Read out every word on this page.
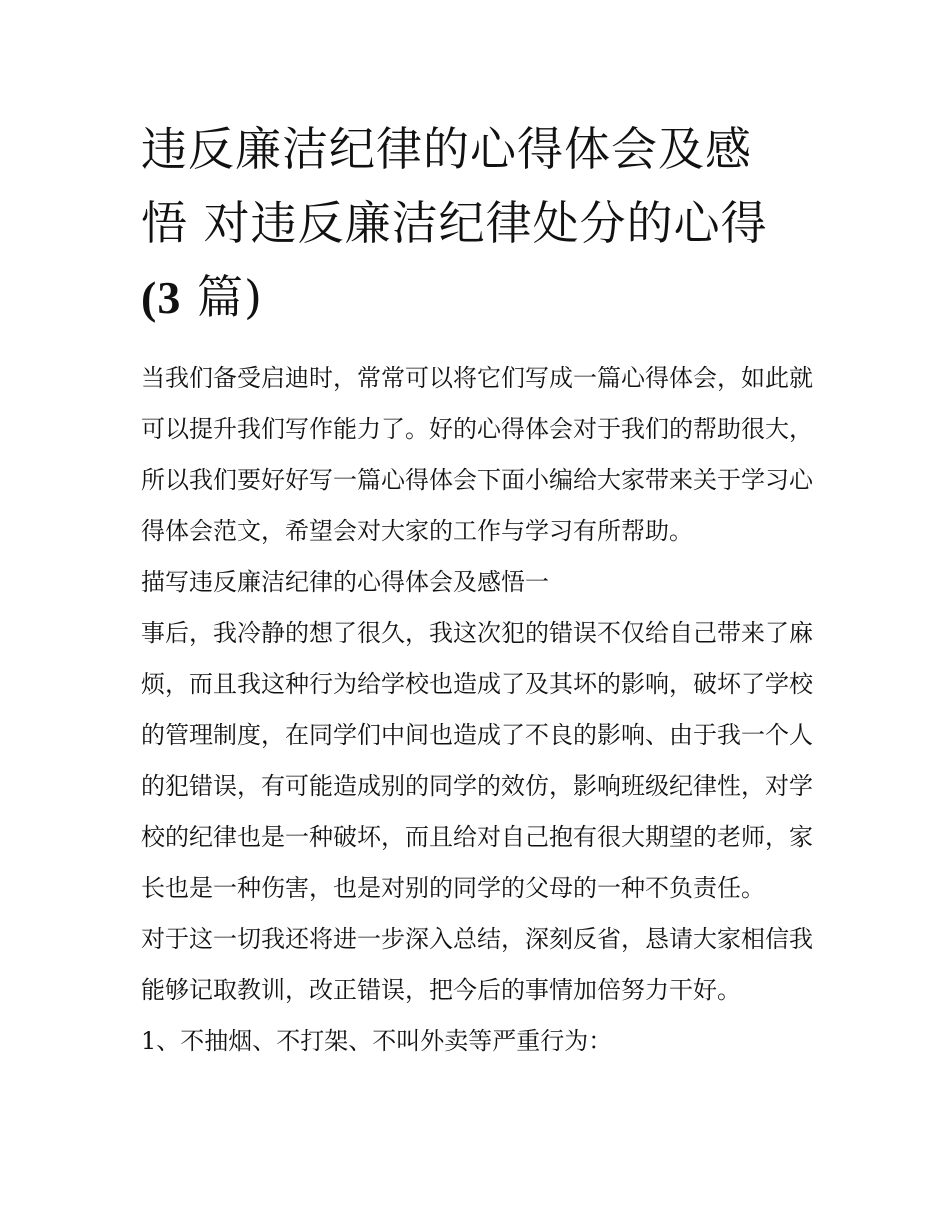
违反廉洁纪律的心得体会及感
悟 对违反廉洁纪律处分的心得
(3 篇)

当我们备受启迪时，常常可以将它们写成一篇心得体会，如此就可以提升我们写作能力了。好的心得体会对于我们的帮助很大，所以我们要好好写一篇心得体会下面小编给大家带来关于学习心得体会范文，希望会对大家的工作与学习有所帮助。

描写违反廉洁纪律的心得体会及感悟一

事后，我冷静的想了很久，我这次犯的错误不仅给自己带来了麻烦，而且我这种行为给学校也造成了及其坏的影响，破坏了学校的管理制度，在同学们中间也造成了不良的影响、由于我一个人的犯错误，有可能造成别的同学的效仿，影响班级纪律性，对学校的纪律也是一种破坏，而且给对自己抱有很大期望的老师，家长也是一种伤害，也是对别的同学的父母的一种不负责任。

对于这一切我还将进一步深入总结，深刻反省，恳请大家相信我能够记取教训，改正错误，把今后的事情加倍努力干好。

1、不抽烟、不打架、不叫外卖等严重行为：
